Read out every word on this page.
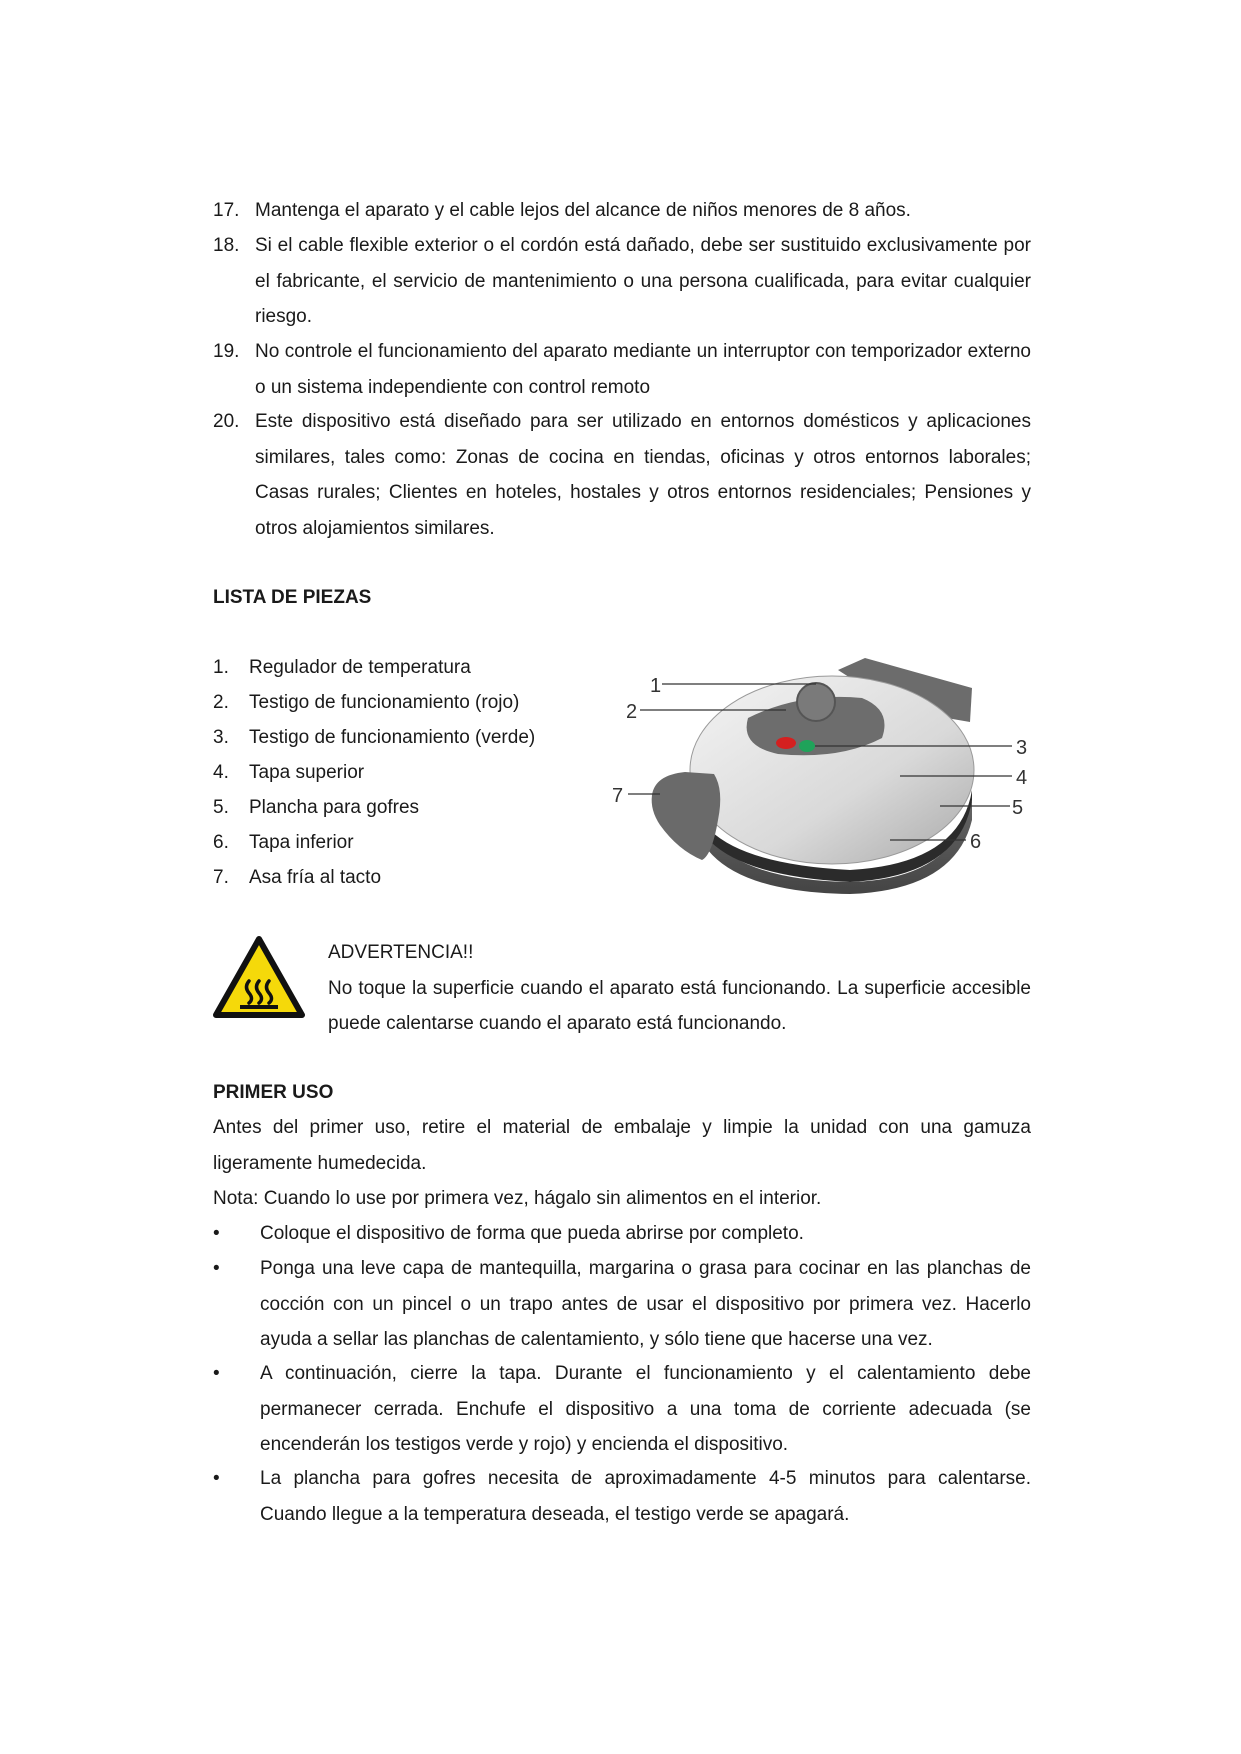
17. Mantenga el aparato y el cable lejos del alcance de niños menores de 8 años.
18. Si el cable flexible exterior o el cordón está dañado, debe ser sustituido exclusivamente por el fabricante, el servicio de mantenimiento o una persona cualificada, para evitar cualquier riesgo.
19. No controle el funcionamiento del aparato mediante un interruptor con temporizador externo o un sistema independiente con control remoto
20. Este dispositivo está diseñado para ser utilizado en entornos domésticos y aplicaciones similares, tales como: Zonas de cocina en tiendas, oficinas y otros entornos laborales; Casas rurales; Clientes en hoteles, hostales y otros entornos residenciales; Pensiones y otros alojamientos similares.
LISTA DE PIEZAS
1. Regulador de temperatura
2. Testigo de funcionamiento (rojo)
3. Testigo de funcionamiento (verde)
4. Tapa superior
5. Plancha para gofres
6. Tapa inferior
7. Asa fría al tacto
1
2
3
4
5
6
7
ADVERTENCIA!!
No toque la superficie cuando el aparato está funcionando. La superficie accesible puede calentarse cuando el aparato está funcionando.
PRIMER USO
Antes del primer uso, retire el material de embalaje y limpie la unidad con una gamuza ligeramente humedecida.
Nota: Cuando lo use por primera vez, hágalo sin alimentos en el interior.
• Coloque el dispositivo de forma que pueda abrirse por completo.
• Ponga una leve capa de mantequilla, margarina o grasa para cocinar en las planchas de cocción con un pincel o un trapo antes de usar el dispositivo por primera vez. Hacerlo ayuda a sellar las planchas de calentamiento, y sólo tiene que hacerse una vez.
• A continuación, cierre la tapa. Durante el funcionamiento y el calentamiento debe permanecer cerrada. Enchufe el dispositivo a una toma de corriente adecuada (se encenderán los testigos verde y rojo) y encienda el dispositivo.
• La plancha para gofres necesita de aproximadamente 4-5 minutos para calentarse. Cuando llegue a la temperatura deseada, el testigo verde se apagará.
